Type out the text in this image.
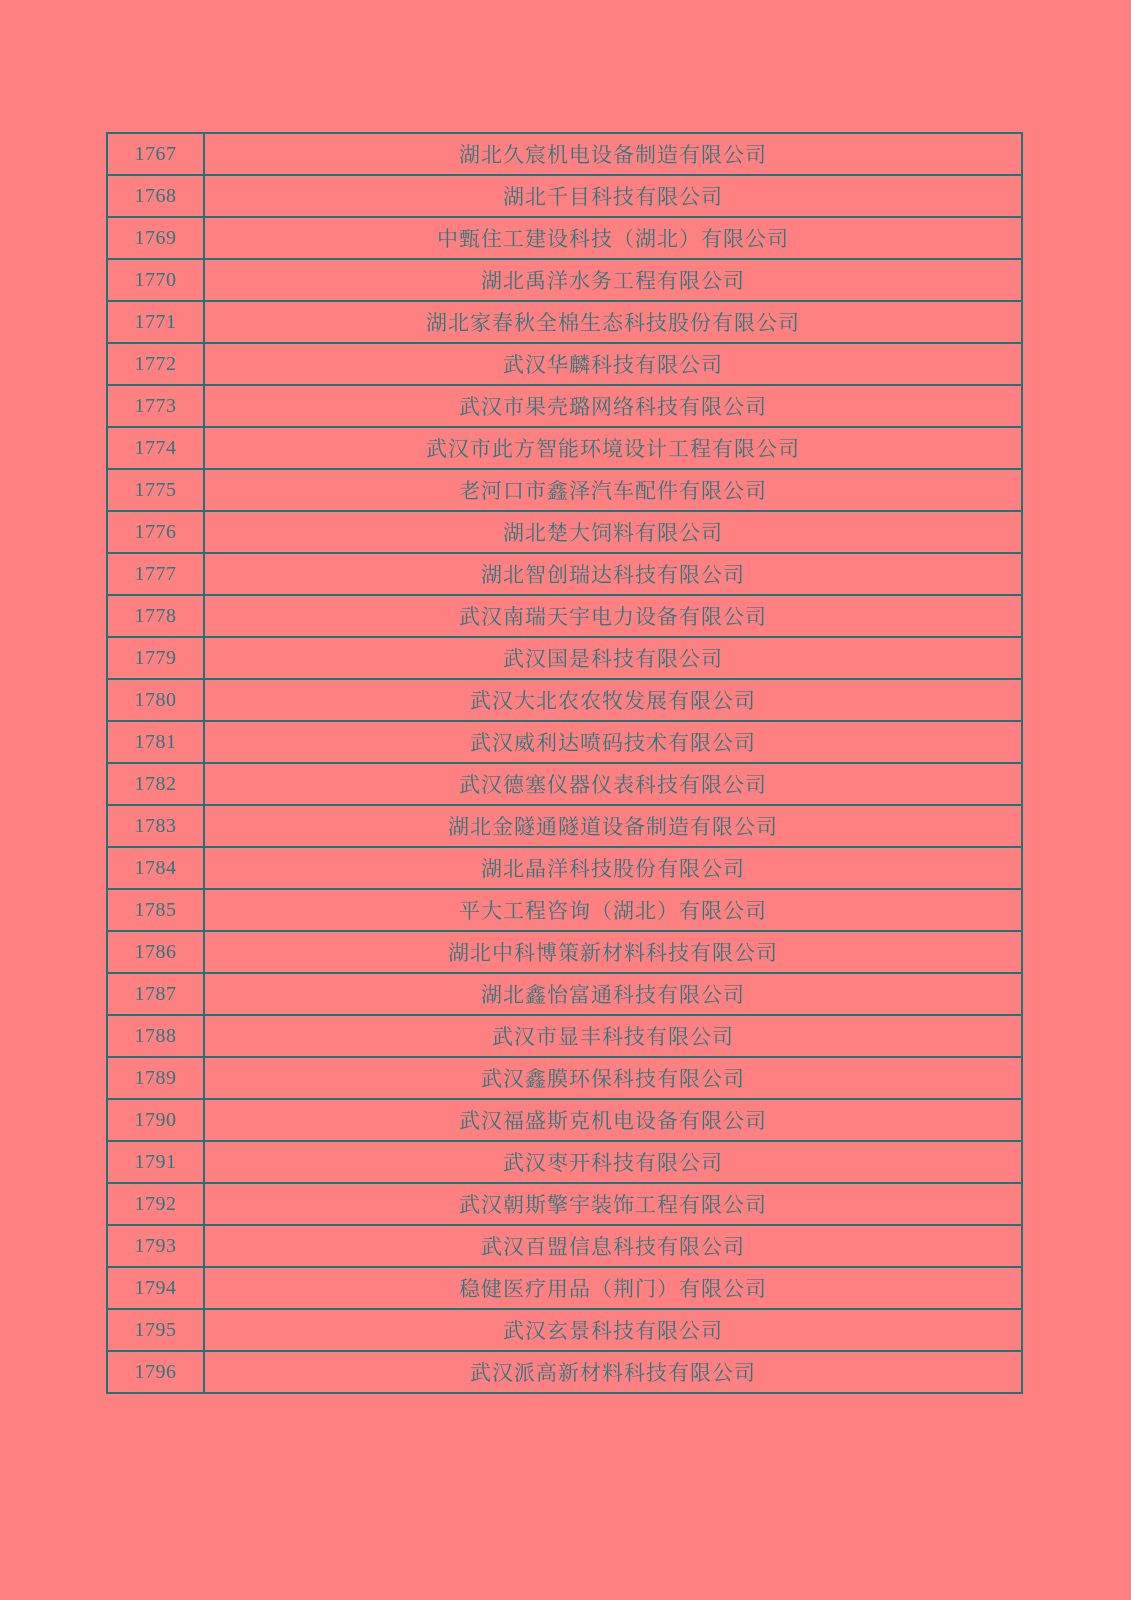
1767	湖北久宸机电设备制造有限公司
1768	湖北千目科技有限公司
1769	中甄住工建设科技（湖北）有限公司
1770	湖北禹洋水务工程有限公司
1771	湖北家春秋全棉生态科技股份有限公司
1772	武汉华麟科技有限公司
1773	武汉市果壳璐网络科技有限公司
1774	武汉市此方智能环境设计工程有限公司
1775	老河口市鑫泽汽车配件有限公司
1776	湖北楚大饲料有限公司
1777	湖北智创瑞达科技有限公司
1778	武汉南瑞天宇电力设备有限公司
1779	武汉国是科技有限公司
1780	武汉大北农农牧发展有限公司
1781	武汉威利达喷码技术有限公司
1782	武汉德塞仪器仪表科技有限公司
1783	湖北金隧通隧道设备制造有限公司
1784	湖北晶洋科技股份有限公司
1785	平大工程咨询（湖北）有限公司
1786	湖北中科博策新材料科技有限公司
1787	湖北鑫怡富通科技有限公司
1788	武汉市显丰科技有限公司
1789	武汉鑫膜环保科技有限公司
1790	武汉福盛斯克机电设备有限公司
1791	武汉枣开科技有限公司
1792	武汉朝斯擎宇装饰工程有限公司
1793	武汉百盟信息科技有限公司
1794	稳健医疗用品（荆门）有限公司
1795	武汉玄景科技有限公司
1796	武汉派高新材料科技有限公司
